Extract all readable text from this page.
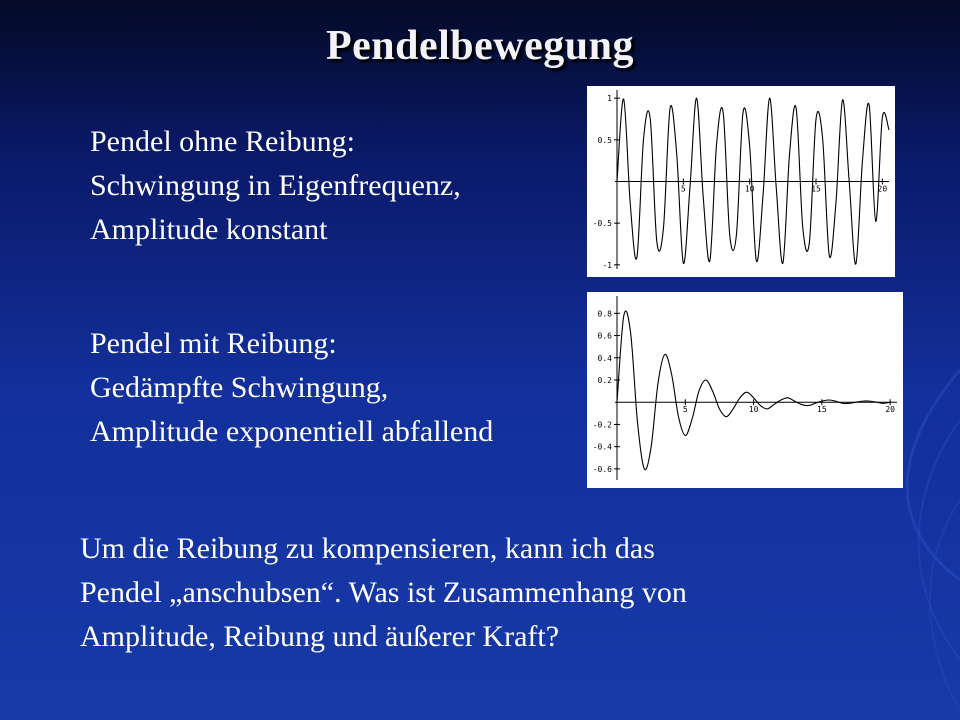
Pendelbewegung
Pendel ohne Reibung:
Schwingung in Eigenfrequenz,
Amplitude konstant
Pendel mit Reibung:
Gedämpfte Schwingung,
Amplitude exponentiell abfallend
Um die Reibung zu kompensieren, kann ich das
Pendel „anschubsen“. Was ist Zusammenhang von
Amplitude, Reibung und äußerer Kraft?
5	10	15	20
1
0.5
-0.5
-1
5	10	15	20
0.8
0.6
0.4
0.2
-0.2
-0.4
-0.6
